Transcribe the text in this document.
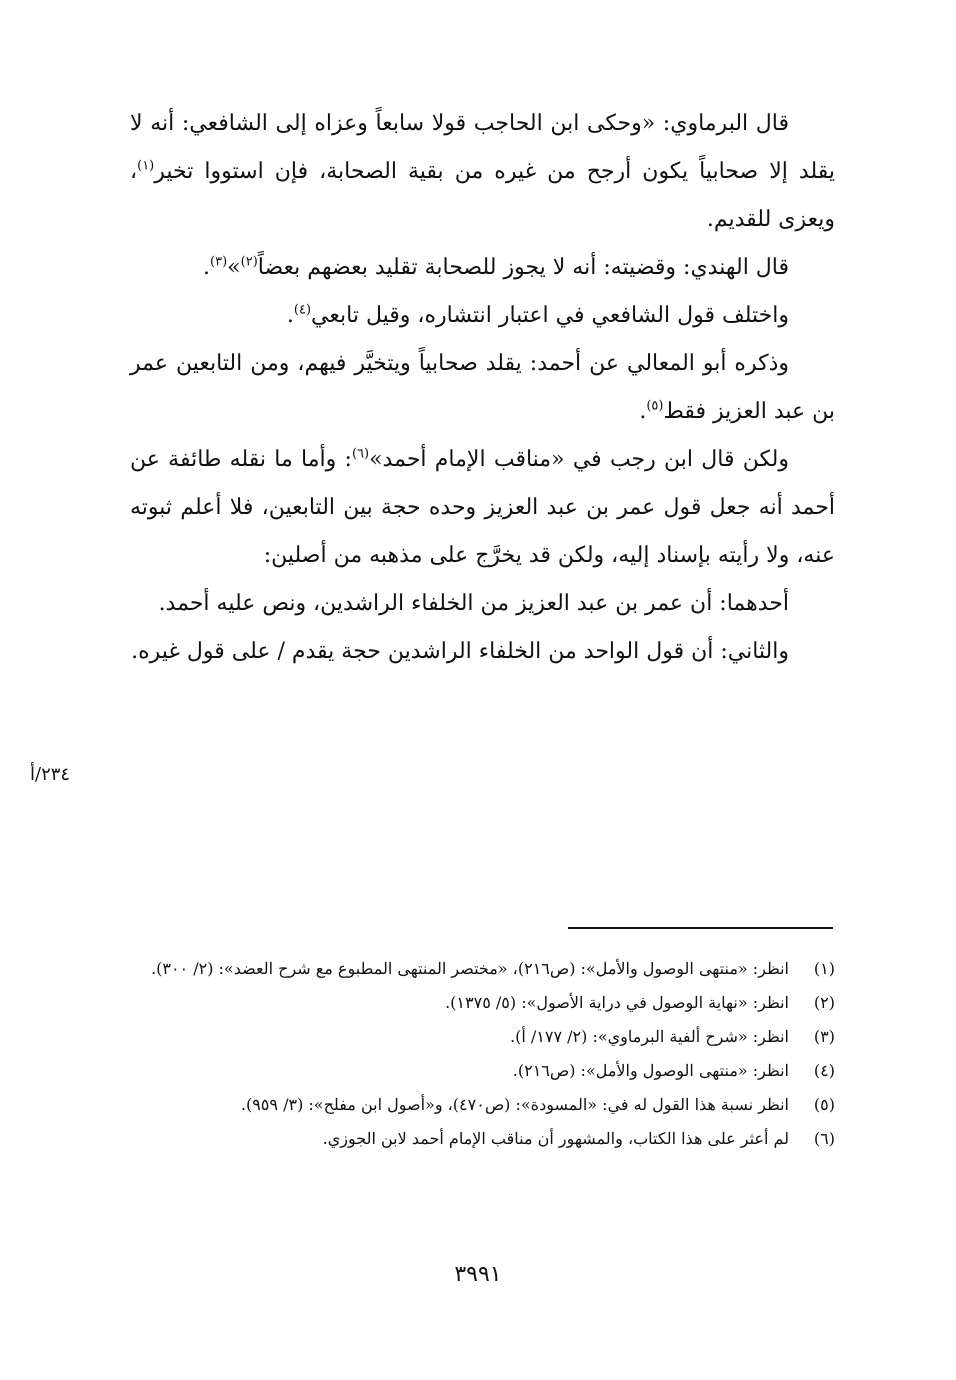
قال البرماوي: «وحكى ابن الحاجب قولا سابعاً وعزاه إلى الشافعي: أنه لا يقلد إلا صحابياً يكون أرجح من غيره من بقية الصحابة، فإن استووا تخير$^{(١)}$، ويعزى للقديم.

قال الهندي: وقضيته: أنه لا يجوز للصحابة تقليد بعضهم بعضاً$^{(٢)}$»$^{(٣)}$.

واختلف قول الشافعي في اعتبار انتشاره، وقيل تابعي$^{(٤)}$.

وذكره أبو المعالي عن أحمد: يقلد صحابياً ويتخيَّر فيهم، ومن التابعين عمر بن عبد العزيز فقط$^{(٥)}$.

ولكن قال ابن رجب في «مناقب الإمام أحمد»$^{(٦)}$: وأما ما نقله طائفة عن أحمد أنه جعل قول عمر بن عبد العزيز وحده حجة بين التابعين، فلا أعلم ثبوته عنه، ولا رأيته بإسناد إليه، ولكن قد يخرَّج على مذهبه من أصلين:

أحدهما: أن عمر بن عبد العزيز من الخلفاء الراشدين، ونص عليه أحمد.

والثاني: أن قول الواحد من الخلفاء الراشدين حجة يقدم / على قول غيره.

٢٣٤/أ
(١)
انظر: «منتهى الوصول والأمل»: (ص٢١٦)، «مختصر المنتهى المطبوع مع شرح العضد»: (٢/ ٣٠٠).
(٢)
انظر: «نهاية الوصول في دراية الأصول»: (٥/ ١٣٧٥).
(٣)
انظر: «شرح ألفية البرماوي»: (٢/ ١٧٧/ أ).
(٤)
انظر: «منتهى الوصول والأمل»: (ص٢١٦).
(٥)
انظر نسبة هذا القول له في: «المسودة»: (ص٤٧٠)، و«أصول ابن مفلح»: (٣/ ٩٥٩).
(٦)
لم أعثر على هذا الكتاب، والمشهور أن مناقب الإمام أحمد لابن الجوزي.
٣٩٩١
